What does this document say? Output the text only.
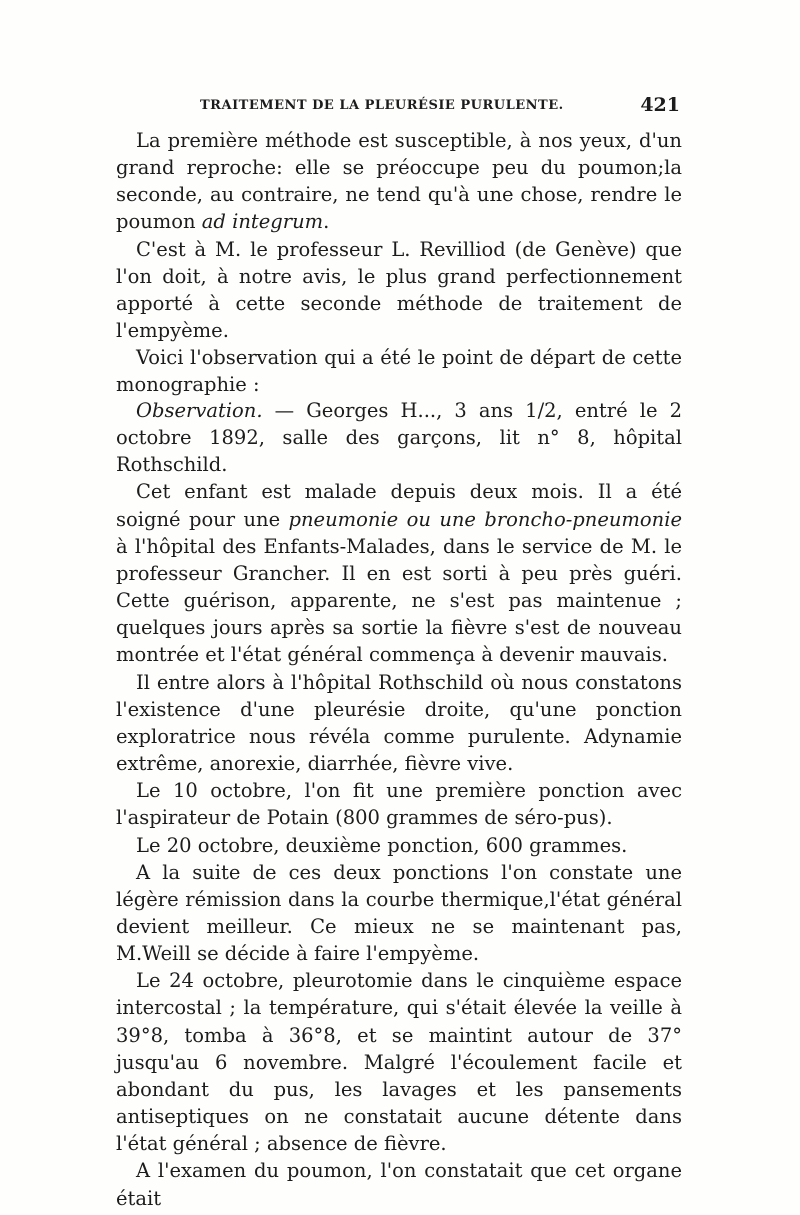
TRAITEMENT DE LA PLEURÉSIE PURULENTE.	421

La première méthode est susceptible, à nos yeux, d'un grand reproche: elle se préoccupe peu du poumon;la seconde, au contraire, ne tend qu'à une chose, rendre le poumon ad integrum.

C'est à M. le professeur L. Revilliod (de Genève) que l'on doit, à notre avis, le plus grand perfectionnement apporté à cette seconde méthode de traitement de l'empyème.

Voici l'observation qui a été le point de départ de cette monographie :

Observation. — Georges H..., 3 ans 1/2, entré le 2 octobre 1892, salle des garçons, lit n° 8, hôpital Rothschild.

Cet enfant est malade depuis deux mois. Il a été soigné pour une pneumonie ou une broncho-pneumonie à l'hôpital des Enfants-Malades, dans le service de M. le professeur Grancher. Il en est sorti à peu près guéri. Cette guérison, apparente, ne s'est pas maintenue ; quelques jours après sa sortie la fièvre s'est de nouveau montrée et l'état général commença à devenir mauvais.

Il entre alors à l'hôpital Rothschild où nous constatons l'existence d'une pleurésie droite, qu'une ponction exploratrice nous révéla comme purulente. Adynamie extrême, anorexie, diarrhée, fièvre vive.

Le 10 octobre, l'on fit une première ponction avec l'aspirateur de Potain (800 grammes de séro-pus).

Le 20 octobre, deuxième ponction, 600 grammes.

A la suite de ces deux ponctions l'on constate une légère rémission dans la courbe thermique,l'état général devient meilleur. Ce mieux ne se maintenant pas, M.Weill se décide à faire l'empyème.

Le 24 octobre, pleurotomie dans le cinquième espace intercostal ; la température, qui s'était élevée la veille à 39°8, tomba à 36°8, et se maintint autour de 37° jusqu'au 6 novembre. Malgré l'écoulement facile et abondant du pus, les lavages et les pansements antiseptiques on ne constatait aucune détente dans l'état général ; absence de fièvre.

A l'examen du poumon, l'on constatait que cet organe était
